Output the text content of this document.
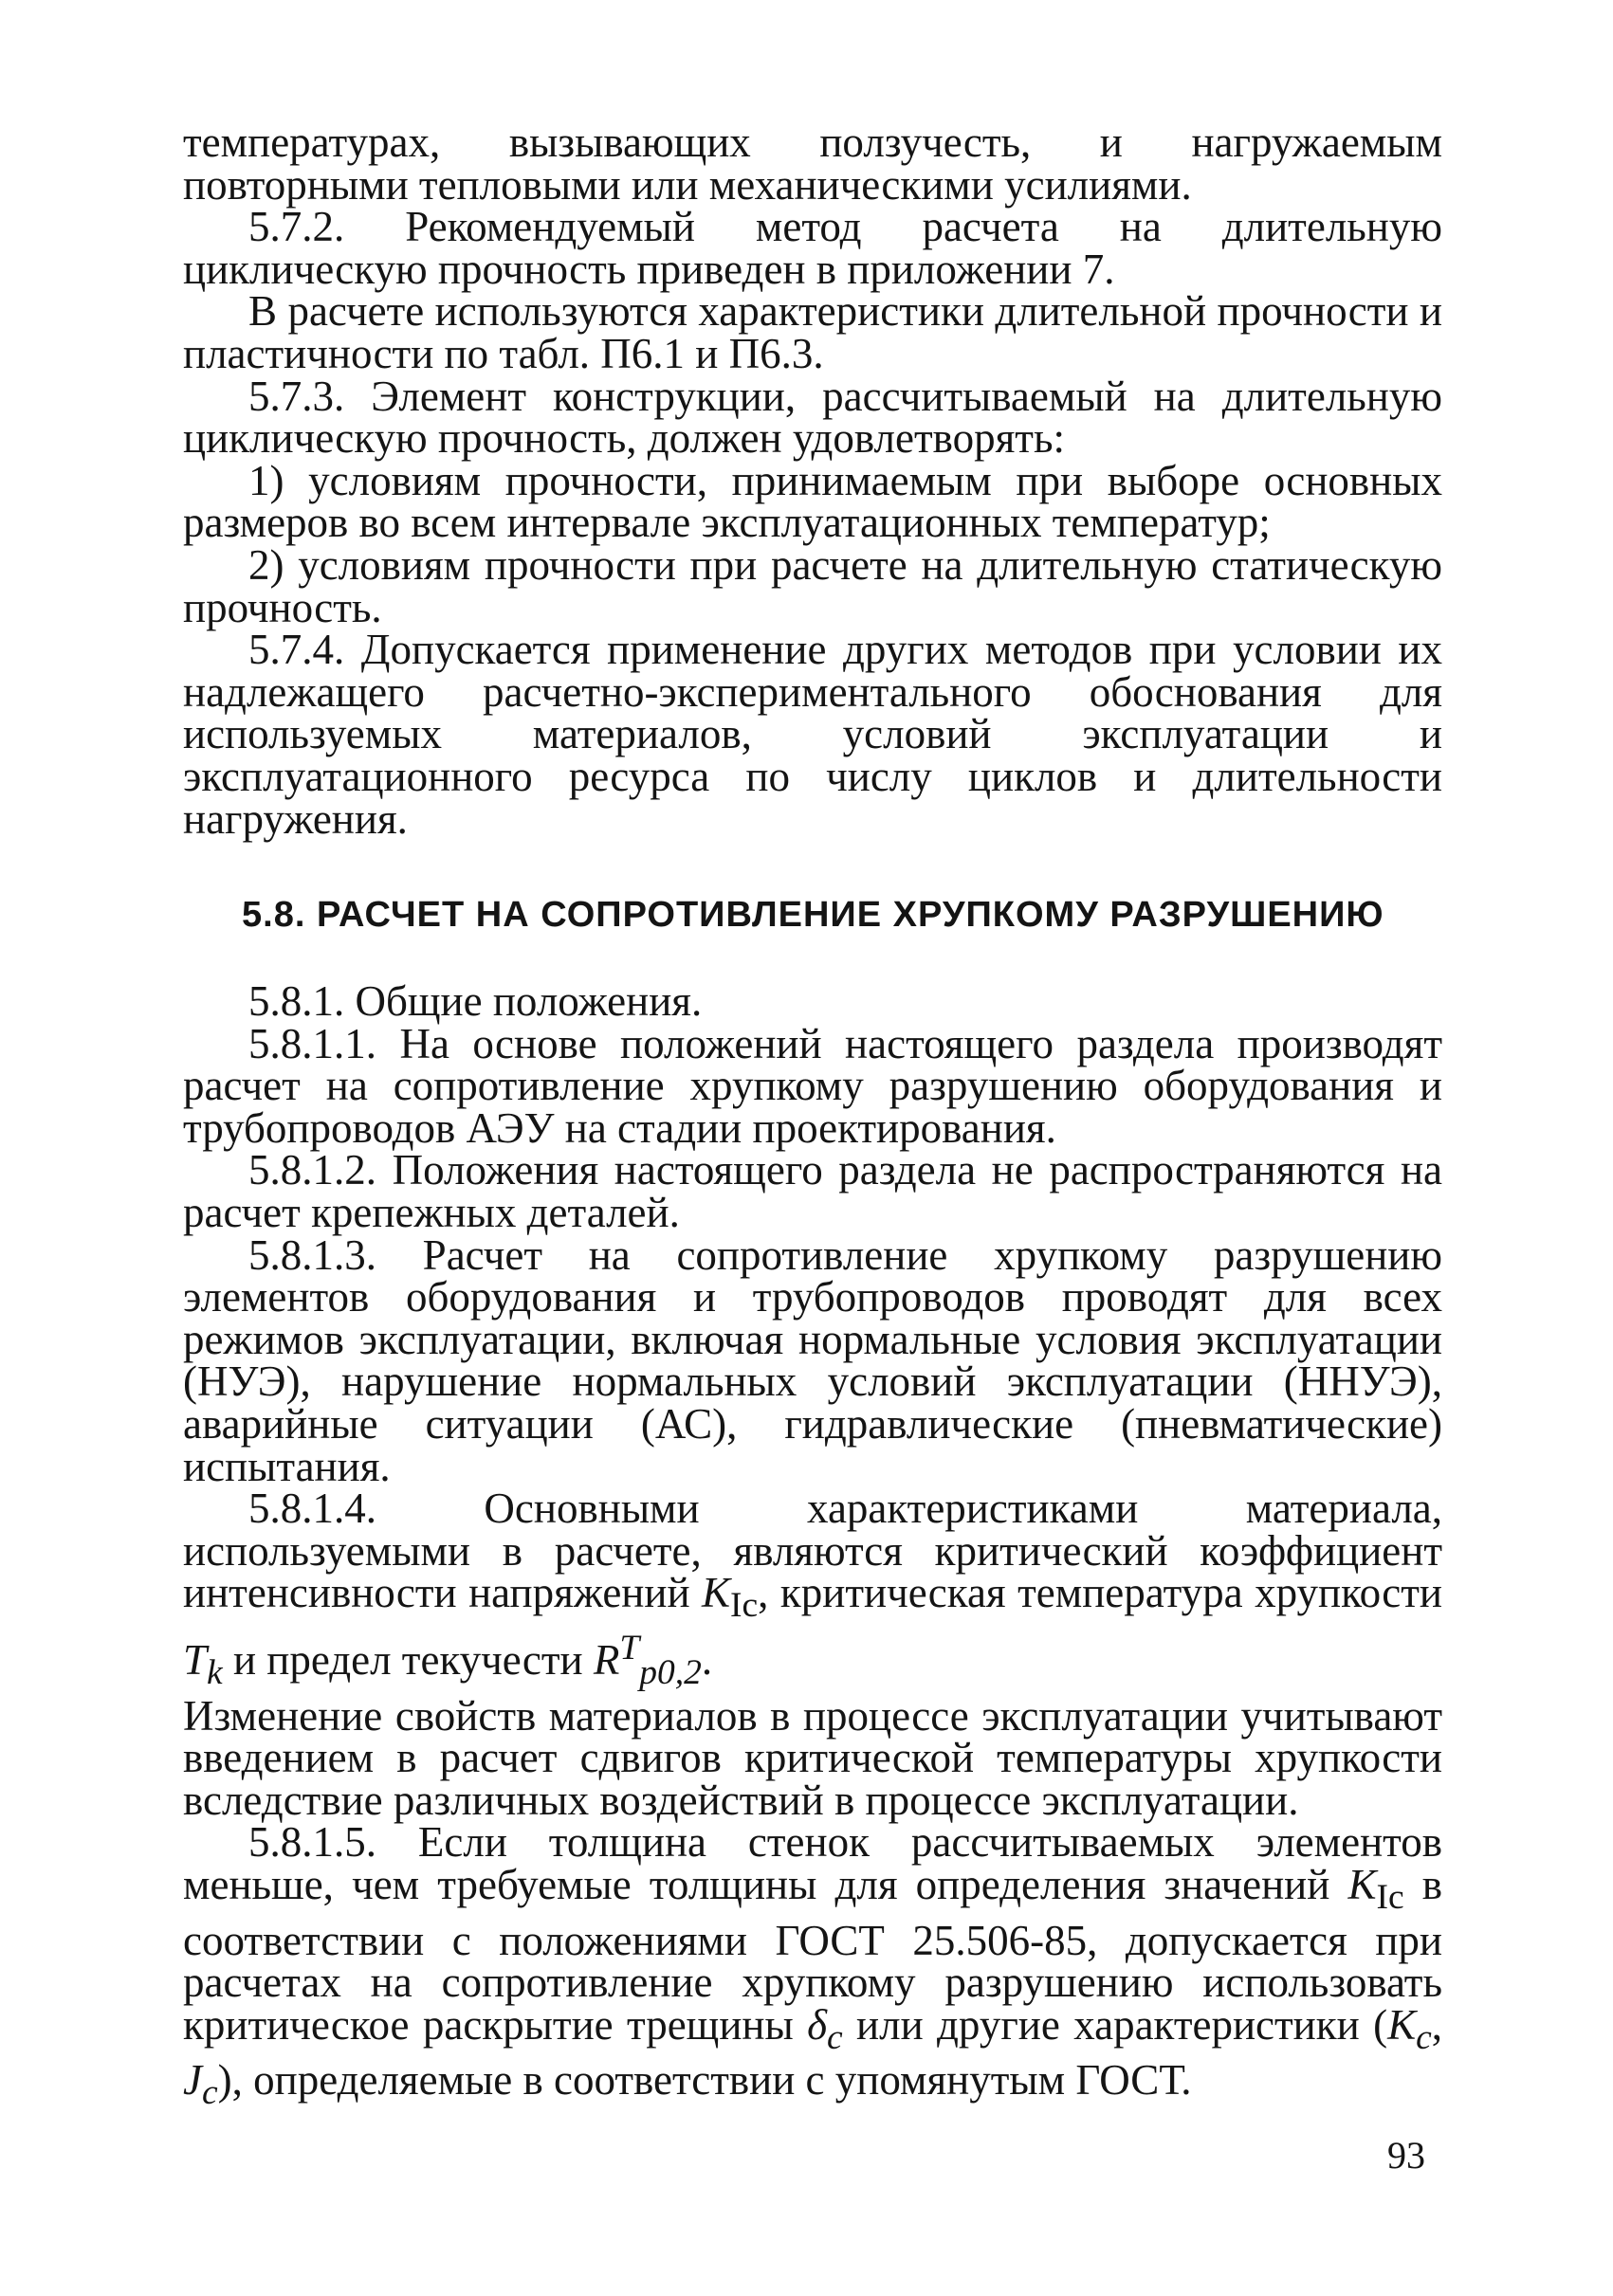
температурах, вызывающих ползучесть, и нагружаемым повторными тепловыми или механическими усилиями.

5.7.2. Рекомендуемый метод расчета на длительную циклическую прочность приведен в приложении 7.

В расчете используются характеристики длительной прочности и пластичности по табл. П6.1 и П6.3.

5.7.3. Элемент конструкции, рассчитываемый на длительную циклическую прочность, должен удовлетворять:

1) условиям прочности, принимаемым при выборе основных размеров во всем интервале эксплуатационных температур;

2) условиям прочности при расчете на длительную статическую прочность.

5.7.4. Допускается применение других методов при условии их надлежащего расчетно-экспериментального обоснования для используемых материалов, условий эксплуатации и эксплуатационного ресурса по числу циклов и длительности нагружения.

5.8. РАСЧЕТ НА СОПРОТИВЛЕНИЕ ХРУПКОМУ РАЗРУШЕНИЮ

5.8.1. Общие положения.

5.8.1.1. На основе положений настоящего раздела производят расчет на сопротивление хрупкому разрушению оборудования и трубопроводов АЭУ на стадии проектирования.

5.8.1.2. Положения настоящего раздела не распространяются на расчет крепежных деталей.

5.8.1.3. Расчет на сопротивление хрупкому разрушению элементов оборудования и трубопроводов проводят для всех режимов эксплуатации, включая нормальные условия эксплуатации (НУЭ), нарушение нормальных условий эксплуатации (ННУЭ), аварийные ситуации (АС), гидравлические (пневматические) испытания.

5.8.1.4. Основными характеристиками материала, используемыми в расчете, являются критический коэффициент интенсивности напряжений $K_{Ic}$, критическая температура хрупкости $T_k$ и предел текучести $R^T_{p0,2}$.

Изменение свойств материалов в процессе эксплуатации учитывают введением в расчет сдвигов критической температуры хрупкости вследствие различных воздействий в процессе эксплуатации.

5.8.1.5. Если толщина стенок рассчитываемых элементов меньше, чем требуемые толщины для определения значений $K_{Ic}$ в соответствии с положениями ГОСТ 25.506-85, допускается при расчетах на сопротивление хрупкому разрушению использовать критическое раскрытие трещины $\delta_c$ или другие характеристики ($K_c$, $J_c$), определяемые в соответствии с упомянутым ГОСТ.

93
